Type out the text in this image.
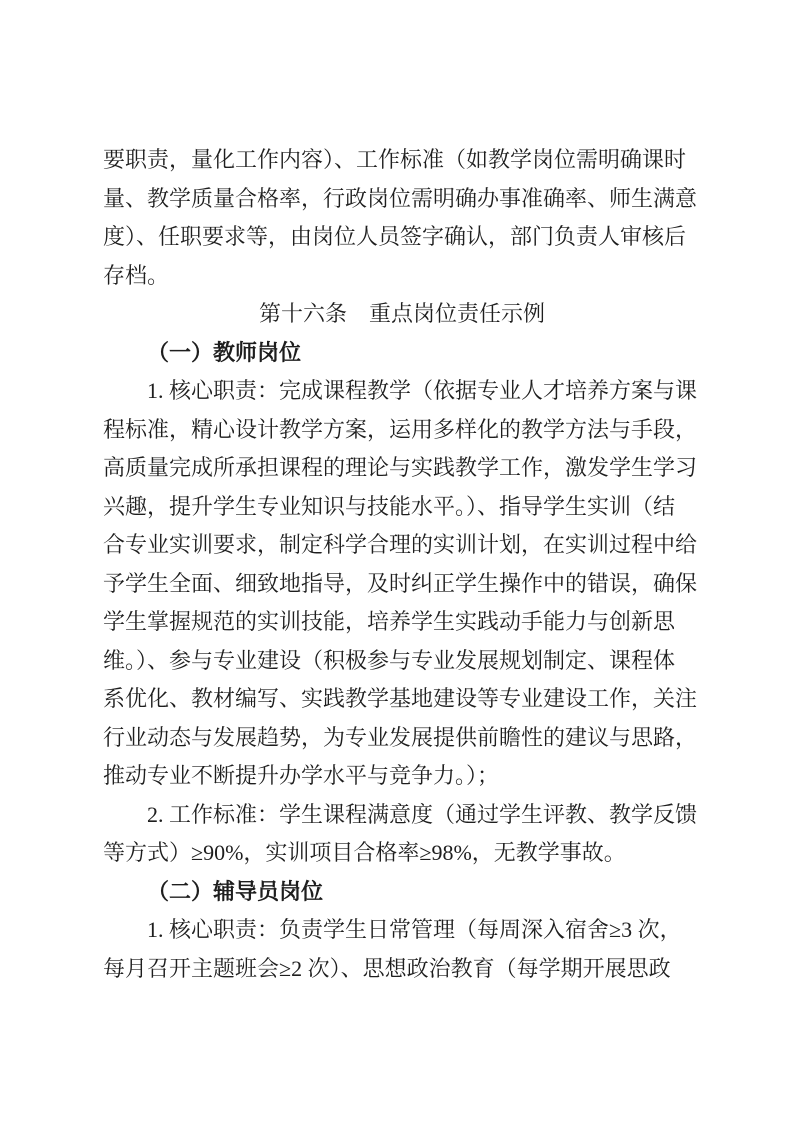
要职责，量化工作内容）、工作标准（如教学岗位需明确课时
量、教学质量合格率，行政岗位需明确办事准确率、师生满意
度）、任职要求等，由岗位人员签字确认，部门负责人审核后
存档。
第十六条　重点岗位责任示例
（一）教师岗位
1. 核心职责：完成课程教学（依据专业人才培养方案与课
程标准，精心设计教学方案，运用多样化的教学方法与手段，
高质量完成所承担课程的理论与实践教学工作，激发学生学习
兴趣，提升学生专业知识与技能水平。）、指导学生实训（结
合专业实训要求，制定科学合理的实训计划，在实训过程中给
予学生全面、细致地指导，及时纠正学生操作中的错误，确保
学生掌握规范的实训技能，培养学生实践动手能力与创新思
维。）、参与专业建设（积极参与专业发展规划制定、课程体
系优化、教材编写、实践教学基地建设等专业建设工作，关注
行业动态与发展趋势，为专业发展提供前瞻性的建议与思路，
推动专业不断提升办学水平与竞争力。）；
2. 工作标准：学生课程满意度（通过学生评教、教学反馈
等方式）≥90%，实训项目合格率≥98%，无教学事故。
（二）辅导员岗位
1. 核心职责：负责学生日常管理（每周深入宿舍≥3 次，
每月召开主题班会≥2 次）、思想政治教育（每学期开展思政
